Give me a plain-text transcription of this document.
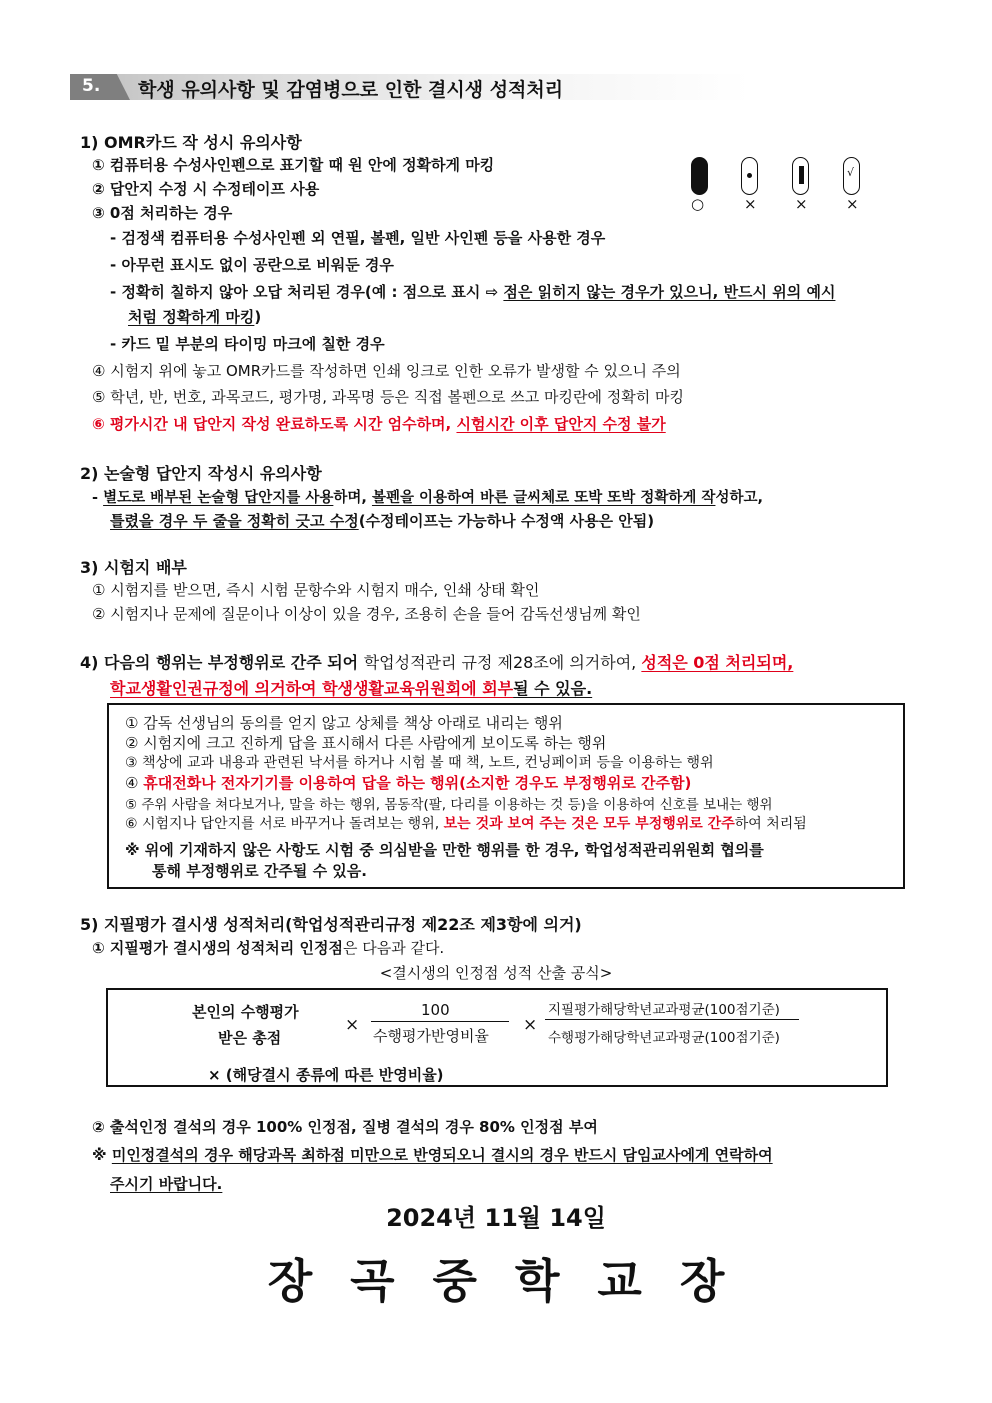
5. 학생 유의사항 및 감염병으로 인한 결시생 성적처리
1) OMR카드 작 성시 유의사항
① 컴퓨터용 수성사인펜으로 표기할 때 원 안에 정확하게 마킹
② 답안지 수정 시 수정테이프 사용
③ 0점 처리하는 경우
- 검정색 컴퓨터용 수성사인펜 외 연필, 볼펜, 일반 사인펜 등을 사용한 경우
- 아무런 표시도 없이 공란으로 비워둔 경우
- 정확히 칠하지 않아 오답 처리된 경우(예 : 점으로 표시 ⇨ 점은 읽히지 않는 경우가 있으니, 반드시 위의 예시
처럼 정확하게 마킹)
- 카드 밑 부분의 타이밍 마크에 칠한 경우
④ 시험지 위에 놓고 OMR카드를 작성하면 인쇄 잉크로 인한 오류가 발생할 수 있으니 주의
⑤ 학년, 반, 번호, 과목코드, 평가명, 과목명 등은 직접 볼펜으로 쓰고 마킹란에 정확히 마킹
⑥ 평가시간 내 답안지 작성 완료하도록 시간 엄수하며, 시험시간 이후 답안지 수정 불가
√
○	×	×	×
2) 논술형 답안지 작성시 유의사항
- 별도로 배부된 논술형 답안지를 사용하며, 볼펜을 이용하여 바른 글씨체로 또박 또박 정확하게 작성하고,
틀렸을 경우 두 줄을 정확히 긋고 수정(수정테이프는 가능하나 수정액 사용은 안됨)
3) 시험지 배부
① 시험지를 받으면, 즉시 시험 문항수와 시험지 매수, 인쇄 상태 확인
② 시험지나 문제에 질문이나 이상이 있을 경우, 조용히 손을 들어 감독선생님께 확인
4) 다음의 행위는 부정행위로 간주 되어 학업성적관리 규정 제28조에 의거하여, 성적은 0점 처리되며,
학교생활인권규정에 의거하여 학생생활교육위원회에 회부될 수 있음.
① 감독 선생님의 동의를 얻지 않고 상체를 책상 아래로 내리는 행위
② 시험지에 크고 진하게 답을 표시해서 다른 사람에게 보이도록 하는 행위
③ 책상에 교과 내용과 관련된 낙서를 하거나 시험 볼 때 책, 노트, 컨닝페이퍼 등을 이용하는 행위
④ 휴대전화나 전자기기를 이용하여 답을 하는 행위(소지한 경우도 부정행위로 간주함)
⑤ 주위 사람을 쳐다보거나, 말을 하는 행위, 몸동작(팔, 다리를 이용하는 것 등)을 이용하여 신호를 보내는 행위
⑥ 시험지나 답안지를 서로 바꾸거나 돌려보는 행위, 보는 것과 보여 주는 것은 모두 부정행위로 간주하여 처리됨
※ 위에 기재하지 않은 사항도 시험 중 의심받을 만한 행위를 한 경우, 학업성적관리위원회 협의를
통해 부정행위로 간주될 수 있음.
5) 지필평가 결시생 성적처리(학업성적관리규정 제22조 제3항에 의거)
① 지필평가 결시생의 성적처리 인정점은 다음과 같다.
<결시생의 인정점 성적 산출 공식>
본인의 수행평가
받은 총점
×
100
수행평가반영비율
×
지필평가해당학년교과평균(100점기준)
수행평가해당학년교과평균(100점기준)
× (해당결시 종류에 따른 반영비율)
② 출석인정 결석의 경우 100% 인정점, 질병 결석의 경우 80% 인정점 부여
※ 미인정결석의 경우 해당과목 최하점 미만으로 반영되오니 결시의 경우 반드시 담임교사에게 연락하여
주시기 바랍니다.
2024년 11월 14일
장곡중학교장
